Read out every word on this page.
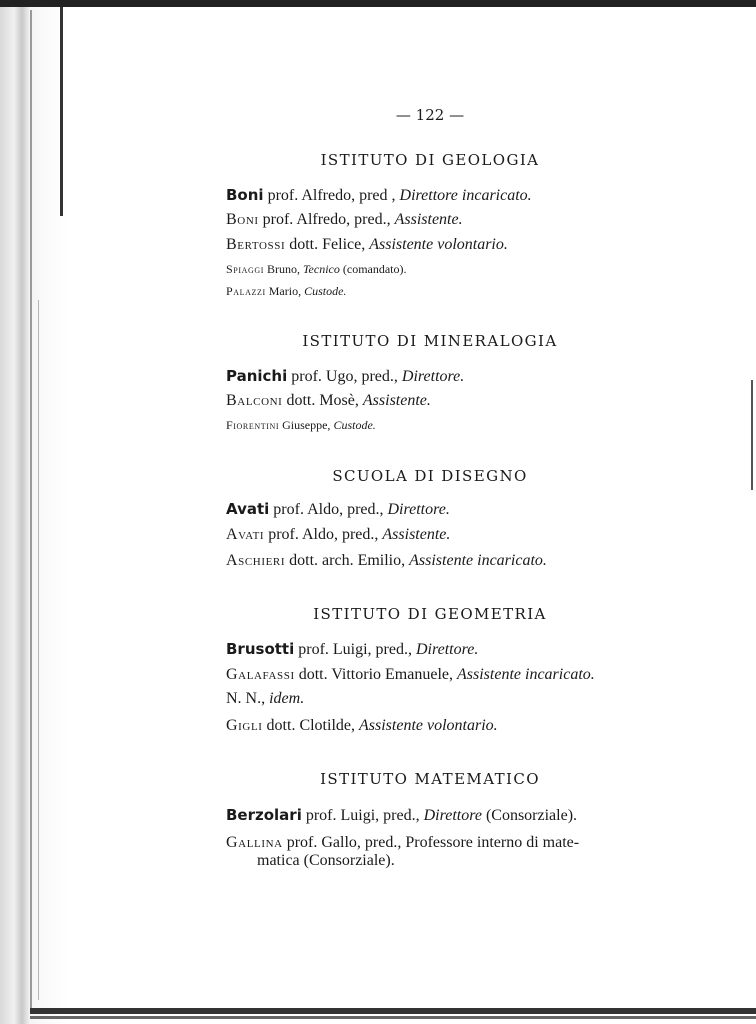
— 122 —
ISTITUTO DI GEOLOGIA
Boni prof. Alfredo, pred , Direttore incaricato.
Boni prof. Alfredo, pred., Assistente.
Bertossi dott. Felice, Assistente volontario.
Spiaggi Bruno, Tecnico (comandato).
Palazzi Mario, Custode.
ISTITUTO DI MINERALOGIA
Panichi prof. Ugo, pred., Direttore.
Balconi dott. Mosè, Assistente.
Fiorentini Giuseppe, Custode.
SCUOLA DI DISEGNO
Avati prof. Aldo, pred., Direttore.
Avati prof. Aldo, pred., Assistente.
Aschieri dott. arch. Emilio, Assistente incaricato.
ISTITUTO DI GEOMETRIA
Brusotti prof. Luigi, pred., Direttore.
Galafassi dott. Vittorio Emanuele, Assistente incaricato.
N. N., idem.
Gigli dott. Clotilde, Assistente volontario.
ISTITUTO MATEMATICO
Berzolari prof. Luigi, pred., Direttore (Consorziale).
Gallina prof. Gallo, pred., Professore interno di mate-
matica (Consorziale).
